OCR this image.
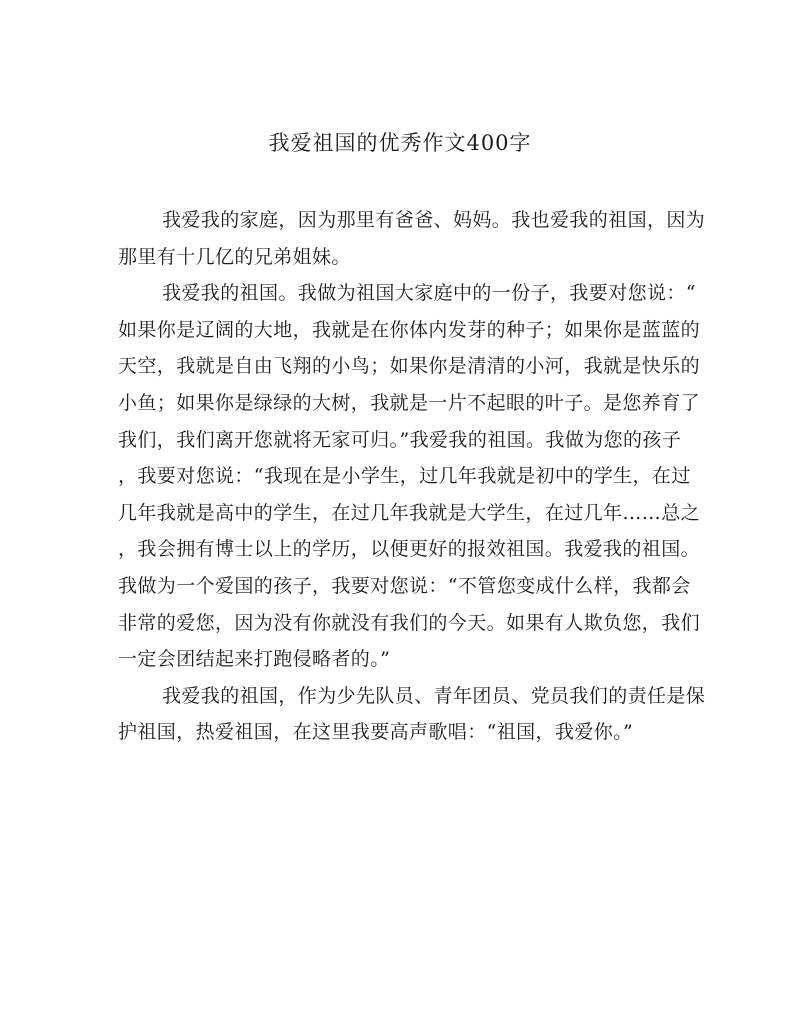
我爱祖国的优秀作文400字
我爱我的家庭，因为那里有爸爸、妈妈。我也爱我的祖国，因为
那里有十几亿的兄弟姐妹。
我爱我的祖国。我做为祖国大家庭中的一份子，我要对您说：“
如果你是辽阔的大地，我就是在你体内发芽的种子；如果你是蓝蓝的
天空，我就是自由飞翔的小鸟；如果你是清清的小河，我就是快乐的
小鱼；如果你是绿绿的大树，我就是一片不起眼的叶子。是您养育了
我们，我们离开您就将无家可归。”我爱我的祖国。我做为您的孩子
，我要对您说：“我现在是小学生，过几年我就是初中的学生，在过
几年我就是高中的学生，在过几年我就是大学生，在过几年……总之
，我会拥有博士以上的学历，以便更好的报效祖国。我爱我的祖国。
我做为一个爱国的孩子，我要对您说：“不管您变成什么样，我都会
非常的爱您，因为没有你就没有我们的今天。如果有人欺负您，我们
一定会团结起来打跑侵略者的。”
我爱我的祖国，作为少先队员、青年团员、党员我们的责任是保
护祖国，热爱祖国，在这里我要高声歌唱：“祖国，我爱你。”
